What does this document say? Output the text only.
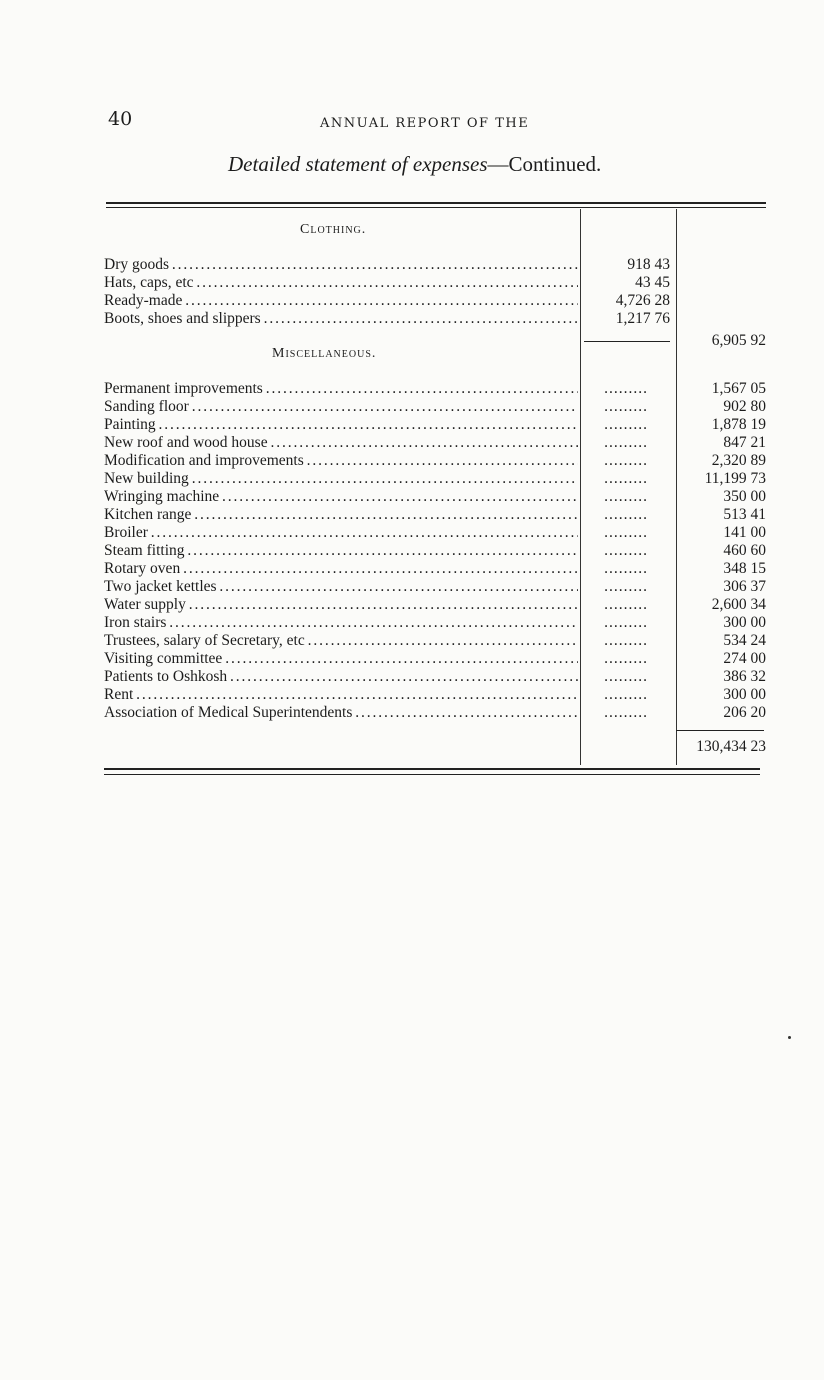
40	ANNUAL REPORT OF THE
Detailed statement of expenses—Continued.
Clothing.
Dry goods . . .	918 43
Hats, caps, etc . . .	43 45
Ready-made . . .	4,726 28
Boots, shoes and slippers . . .	1,217 76
6,905 92
Miscellaneous.
Permanent improvements . . .	.........	1,567 05
Sanding floor . . .	.........	902 80
Painting . . .	.........	1,878 19
New roof and wood house . . .	.........	847 21
Modification and improvements . . .	.........	2,320 89
New building . . .	.........	11,199 73
Wringing machine . . .	.........	350 00
Kitchen range . . .	.........	513 41
Broiler . . .	.........	141 00
Steam fitting . . .	.........	460 60
Rotary oven . . .	.........	348 15
Two jacket kettles . . .	.........	306 37
Water supply . . .	.........	2,600 34
Iron stairs . . .	.........	300 00
Trustees, salary of Secretary, etc . . .	.........	534 24
Visiting committee . . .	.........	274 00
Patients to Oshkosh . . .	.........	386 32
Rent . . .	.........	300 00
Association of Medical Superintendents . . .	.........	206 20
130,434 23
